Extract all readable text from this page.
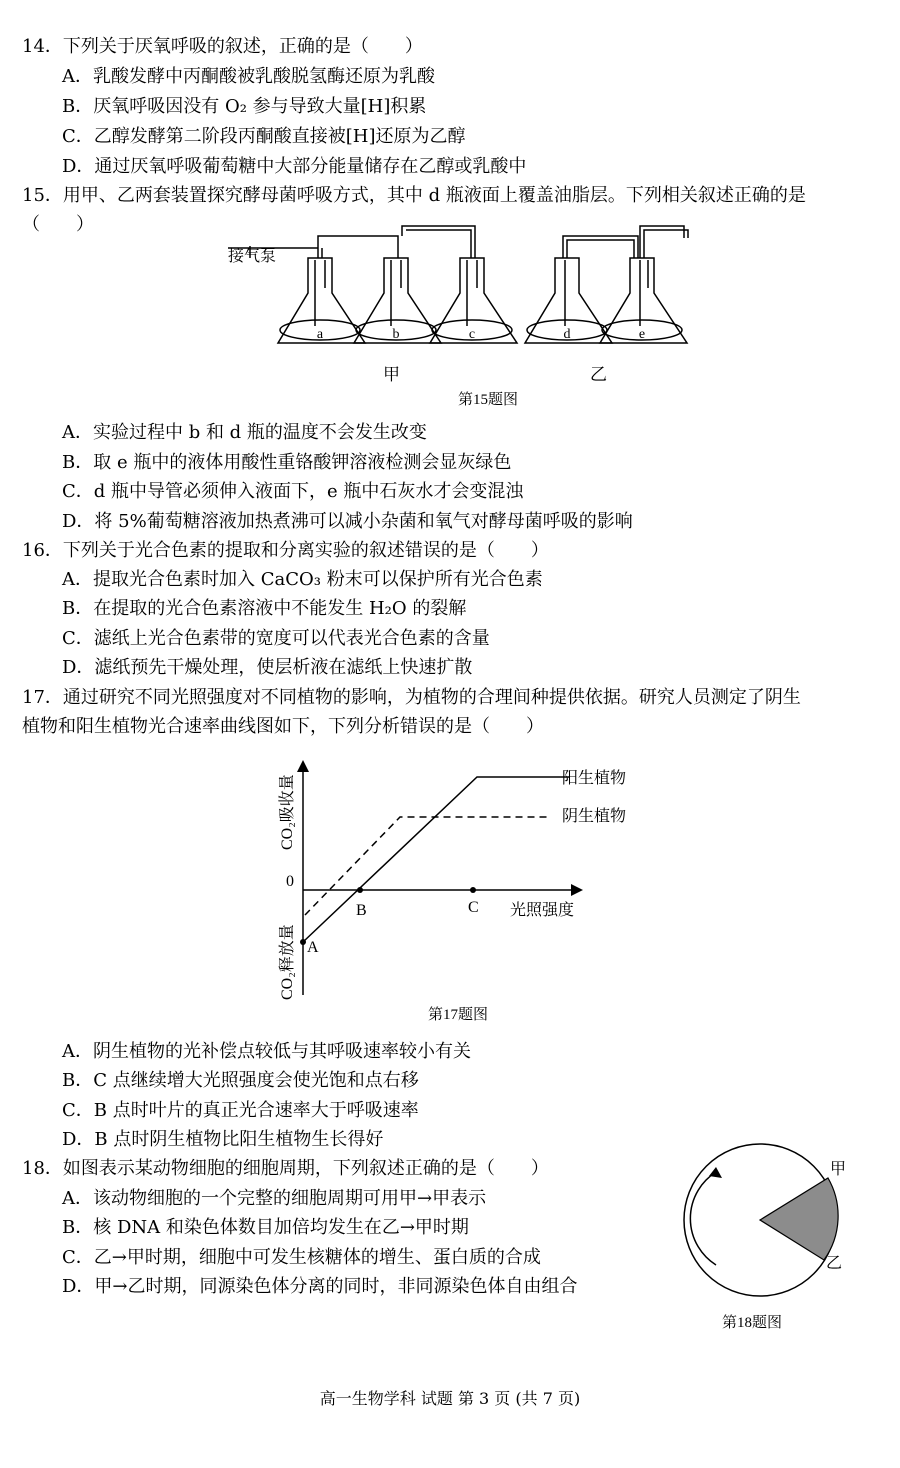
14．下列关于厌氧呼吸的叙述，正确的是（　　）
A．乳酸发酵中丙酮酸被乳酸脱氢酶还原为乳酸
B．厌氧呼吸因没有 O₂ 参与导致大量[H]积累
C．乙醇发酵第二阶段丙酮酸直接被[H]还原为乙醇
D．通过厌氧呼吸葡萄糖中大部分能量储存在乙醇或乳酸中
15．用甲、乙两套装置探究酵母菌呼吸方式，其中 d 瓶液面上覆盖油脂层。下列相关叙述正确的是
（　　）
a	b	c	d	e
接气泵
甲	乙
第15题图
A．实验过程中 b 和 d 瓶的温度不会发生改变
B．取 e 瓶中的液体用酸性重铬酸钾溶液检测会显灰绿色
C．d 瓶中导管必须伸入液面下，e 瓶中石灰水才会变混浊
D．将 5%葡萄糖溶液加热煮沸可以减小杂菌和氧气对酵母菌呼吸的影响
16．下列关于光合色素的提取和分离实验的叙述错误的是（　　）
A．提取光合色素时加入 CaCO₃ 粉末可以保护所有光合色素
B．在提取的光合色素溶液中不能发生 H₂O 的裂解
C．滤纸上光合色素带的宽度可以代表光合色素的含量
D．滤纸预先干燥处理，使层析液在滤纸上快速扩散
17．通过研究不同光照强度对不同植物的影响，为植物的合理间种提供依据。研究人员测定了阴生
植物和阳生植物光合速率曲线图如下，下列分析错误的是（　　）
0
A
B	C 光照强度
阳生植物
阴生植物
CO₂吸收量
CO₂释放量
第17题图
A．阴生植物的光补偿点较低与其呼吸速率较小有关
B．C 点继续增大光照强度会使光饱和点右移
C．B 点时叶片的真正光合速率大于呼吸速率
D．B 点时阴生植物比阳生植物生长得好
18．如图表示某动物细胞的细胞周期，下列叙述正确的是（　　）
A．该动物细胞的一个完整的细胞周期可用甲→甲表示
B．核 DNA 和染色体数目加倍均发生在乙→甲时期
C．乙→甲时期，细胞中可发生核糖体的增生、蛋白质的合成
D．甲→乙时期，同源染色体分离的同时，非同源染色体自由组合
甲
乙
第18题图
高一生物学科 试题 第 3 页 (共 7 页)
